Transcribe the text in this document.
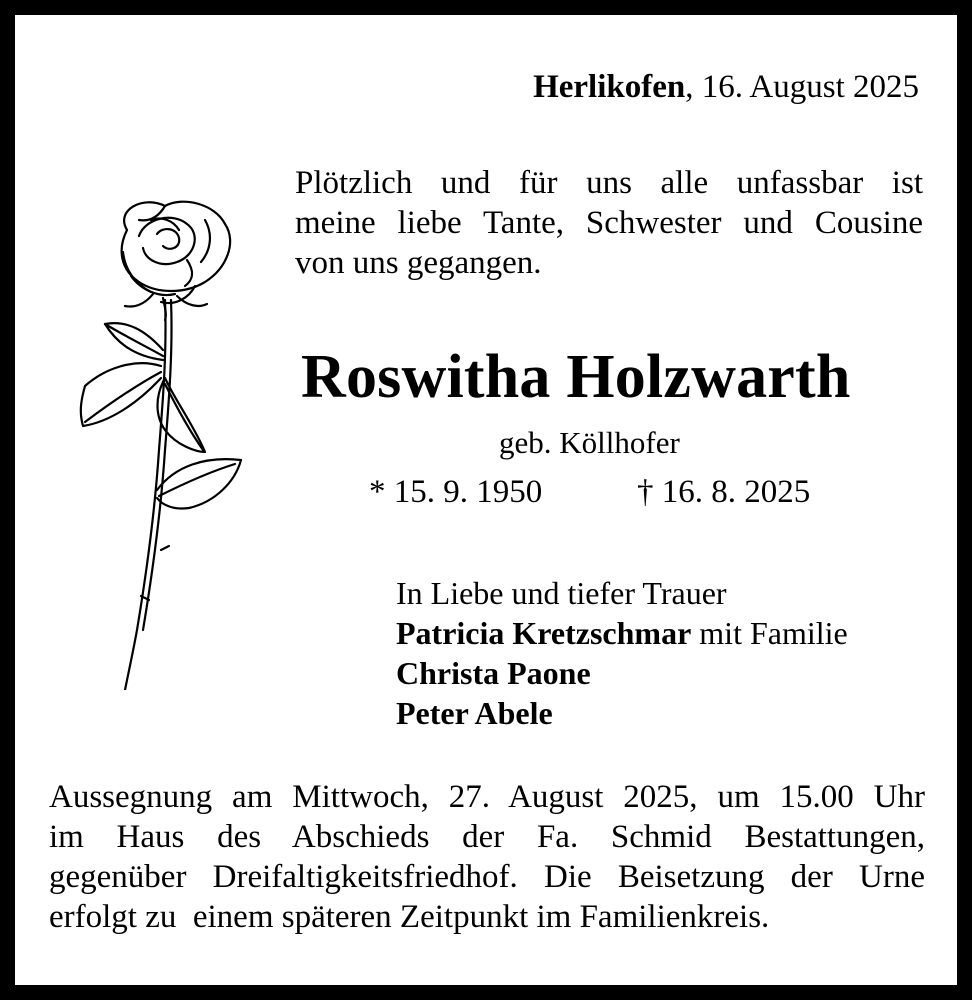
Herlikofen, 16. August 2025
Plötzlich und für uns alle unfassbar ist
meine liebe Tante, Schwester und Cousine
von uns gegangen.
Roswitha Holzwarth
geb. Köllhofer
* 15. 9. 1950	† 16. 8. 2025
In Liebe und tiefer Trauer
Patricia Kretzschmar mit Familie
Christa Paone
Peter Abele
Aussegnung am Mittwoch, 27. August 2025, um 15.00 Uhr
im Haus des Abschieds der Fa. Schmid Bestattungen,
gegenüber Dreifaltigkeitsfriedhof. Die Beisetzung der Urne
erfolgt zu  einem späteren Zeitpunkt im Familienkreis.
